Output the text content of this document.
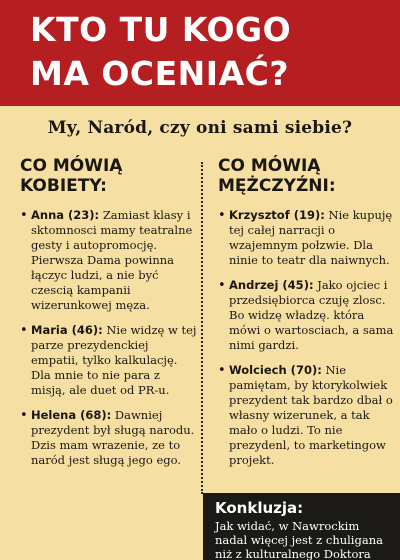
KTO TU KOGO
MA OCENIAĆ?
My, Naród, czy oni sami siebie?
CO MÓWIĄ
KOBIETY:
• Anna (23): Zamiast klasy i sktomnosci mamy teatralne gesty i autopromocję. Pierwsza Dama powinna łączyc ludzi, a nie być czescią kampanii wizerunkowej męza.
• Maria (46): Nie widzę w tej parze prezydenckiej empatii, tylko kalkulację. Dla mnie to nie para z misją, ale duet od PR-u.
• Helena (68): Dawniej prezydent był sługą narodu. Dzis mam wrazenie, ze to naród jest sługą jego ego.
CO MÓWIĄ
MĘŻCZYŹNI:
• Krzysztof (19): Nie kupuję tej całej narracji o wzajemnym połzwie. Dla ninie to teatr dla naiwnych.
• Andrzej (45): Jako ojciec i przedsiębiorca czuję zlosc. Bo widzę władzę. która mówi o wartosciach, a sama nimi gardzi.
• Wolciech (70): Nie pamiętam, by ktorykolwiek prezydent tak bardzo dbał o własny wizerunek, a tak mało o ludzi. To nie prezydenl, to marketingow projekt.
Konkluzja:
Jak widać, w Nawrockim nadal więcej jest z chuligana niż z kulturalnego Doktora
